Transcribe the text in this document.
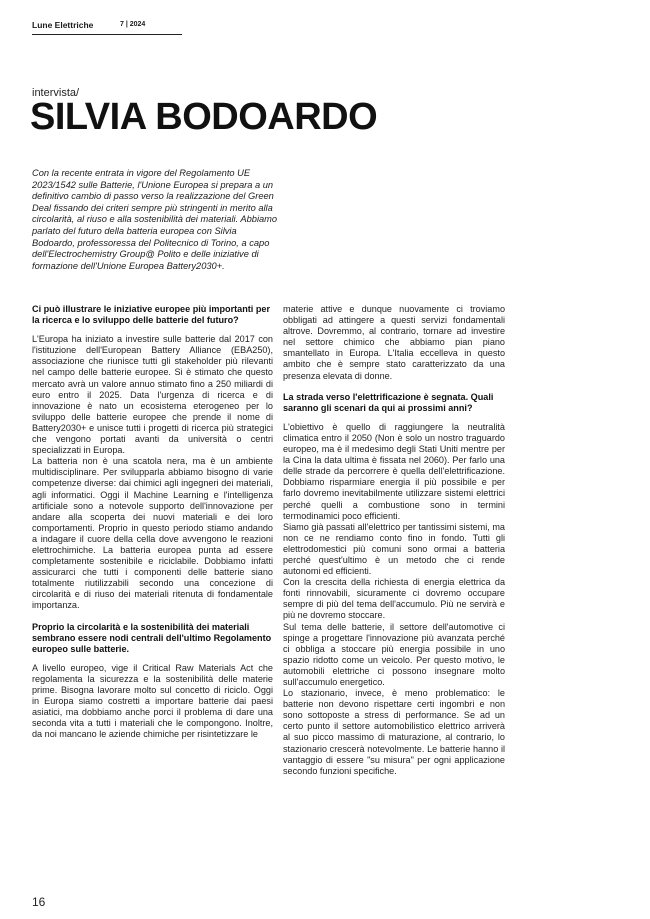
Lune Elettriche	7 | 2024
intervista/
SILVIA BODOARDO

Con la recente entrata in vigore del Regolamento UE 2023/1542 sulle Batterie, l'Unione Europea si prepara a un definitivo cambio di passo verso la realizzazione del Green Deal fissando dei criteri sempre più stringenti in merito alla circolarità, al riuso e alla sostenibilità dei materiali. Abbiamo parlato del futuro della batteria europea con Silvia Bodoardo, professoressa del Politecnico di Torino, a capo dell'Electrochemistry Group@ Polito e delle iniziative di formazione dell'Unione Europea Battery2030+.

Ci può illustrare le iniziative europee più importanti per la ricerca e lo sviluppo delle batterie del futuro?

L'Europa ha iniziato a investire sulle batterie dal 2017 con l'istituzione dell'European Battery Alliance (EBA250), associazione che riunisce tutti gli stakeholder più rilevanti nel campo delle batterie europee. Si è stimato che questo mercato avrà un valore annuo stimato fino a 250 miliardi di euro entro il 2025. Data l'urgenza di ricerca e di innovazione è nato un ecosistema eterogeneo per lo sviluppo delle batterie europee che prende il nome di Battery2030+ e unisce tutti i progetti di ricerca più strategici che vengono portati avanti da università o centri specializzati in Europa.

La batteria non è una scatola nera, ma è un ambiente multidisciplinare. Per svilupparla abbiamo bisogno di varie competenze diverse: dai chimici agli ingegneri dei materiali, agli informatici. Oggi il Machine Learning e l'intelligenza artificiale sono a notevole supporto dell'innovazione per andare alla scoperta dei nuovi materiali e dei loro comportamenti. Proprio in questo periodo stiamo andando a indagare il cuore della cella dove avvengono le reazioni elettrochimiche. La batteria europea punta ad essere completamente sostenibile e riciclabile. Dobbiamo infatti assicurarci che tutti i componenti delle batterie siano totalmente riutilizzabili secondo una concezione di circolarità e di riuso dei materiali ritenuta di fondamentale importanza.

Proprio la circolarità e la sostenibilità dei materiali sembrano essere nodi centrali dell'ultimo Regolamento europeo sulle batterie.

A livello europeo, vige il Critical Raw Materials Act che regolamenta la sicurezza e la sostenibilità delle materie prime. Bisogna lavorare molto sul concetto di riciclo. Oggi in Europa siamo costretti a importare batterie dai paesi asiatici, ma dobbiamo anche porci il problema di dare una seconda vita a tutti i materiali che le compongono. Inoltre, da noi mancano le aziende chimiche per risintetizzare le

materie attive e dunque nuovamente ci troviamo obbligati ad attingere a questi servizi fondamentali altrove. Dovremmo, al contrario, tornare ad investire nel settore chimico che abbiamo pian piano smantellato in Europa. L'Italia eccelleva in questo ambito che è sempre stato caratterizzato da una presenza elevata di donne.

La strada verso l'elettrificazione è segnata. Quali saranno gli scenari da qui ai prossimi anni?

L'obiettivo è quello di raggiungere la neutralità climatica entro il 2050 (Non è solo un nostro traguardo europeo, ma è il medesimo degli Stati Uniti mentre per la Cina la data ultima è fissata nel 2060). Per farlo una delle strade da percorrere è quella dell'elettrificazione. Dobbiamo risparmiare energia il più possibile e per farlo dovremo inevitabilmente utilizzare sistemi elettrici perché quelli a combustione sono in termini termodinamici poco efficienti.

Siamo già passati all'elettrico per tantissimi sistemi, ma non ce ne rendiamo conto fino in fondo. Tutti gli elettrodomestici più comuni sono ormai a batteria perché quest'ultimo è un metodo che ci rende autonomi ed efficienti.

Con la crescita della richiesta di energia elettrica da fonti rinnovabili, sicuramente ci dovremo occupare sempre di più del tema dell'accumulo. Più ne servirà e più ne dovremo stoccare.

Sul tema delle batterie, il settore dell'automotive ci spinge a progettare l'innovazione più avanzata perché ci obbliga a stoccare più energia possibile in uno spazio ridotto come un veicolo. Per questo motivo, le automobili elettriche ci possono insegnare molto sull'accumulo energetico.

Lo stazionario, invece, è meno problematico: le batterie non devono rispettare certi ingombri e non sono sottoposte a stress di performance. Se ad un certo punto il settore automobilistico elettrico arriverà al suo picco massimo di maturazione, al contrario, lo stazionario crescerà notevolmente. Le batterie hanno il vantaggio di essere "su misura" per ogni applicazione secondo funzioni specifiche.

16
